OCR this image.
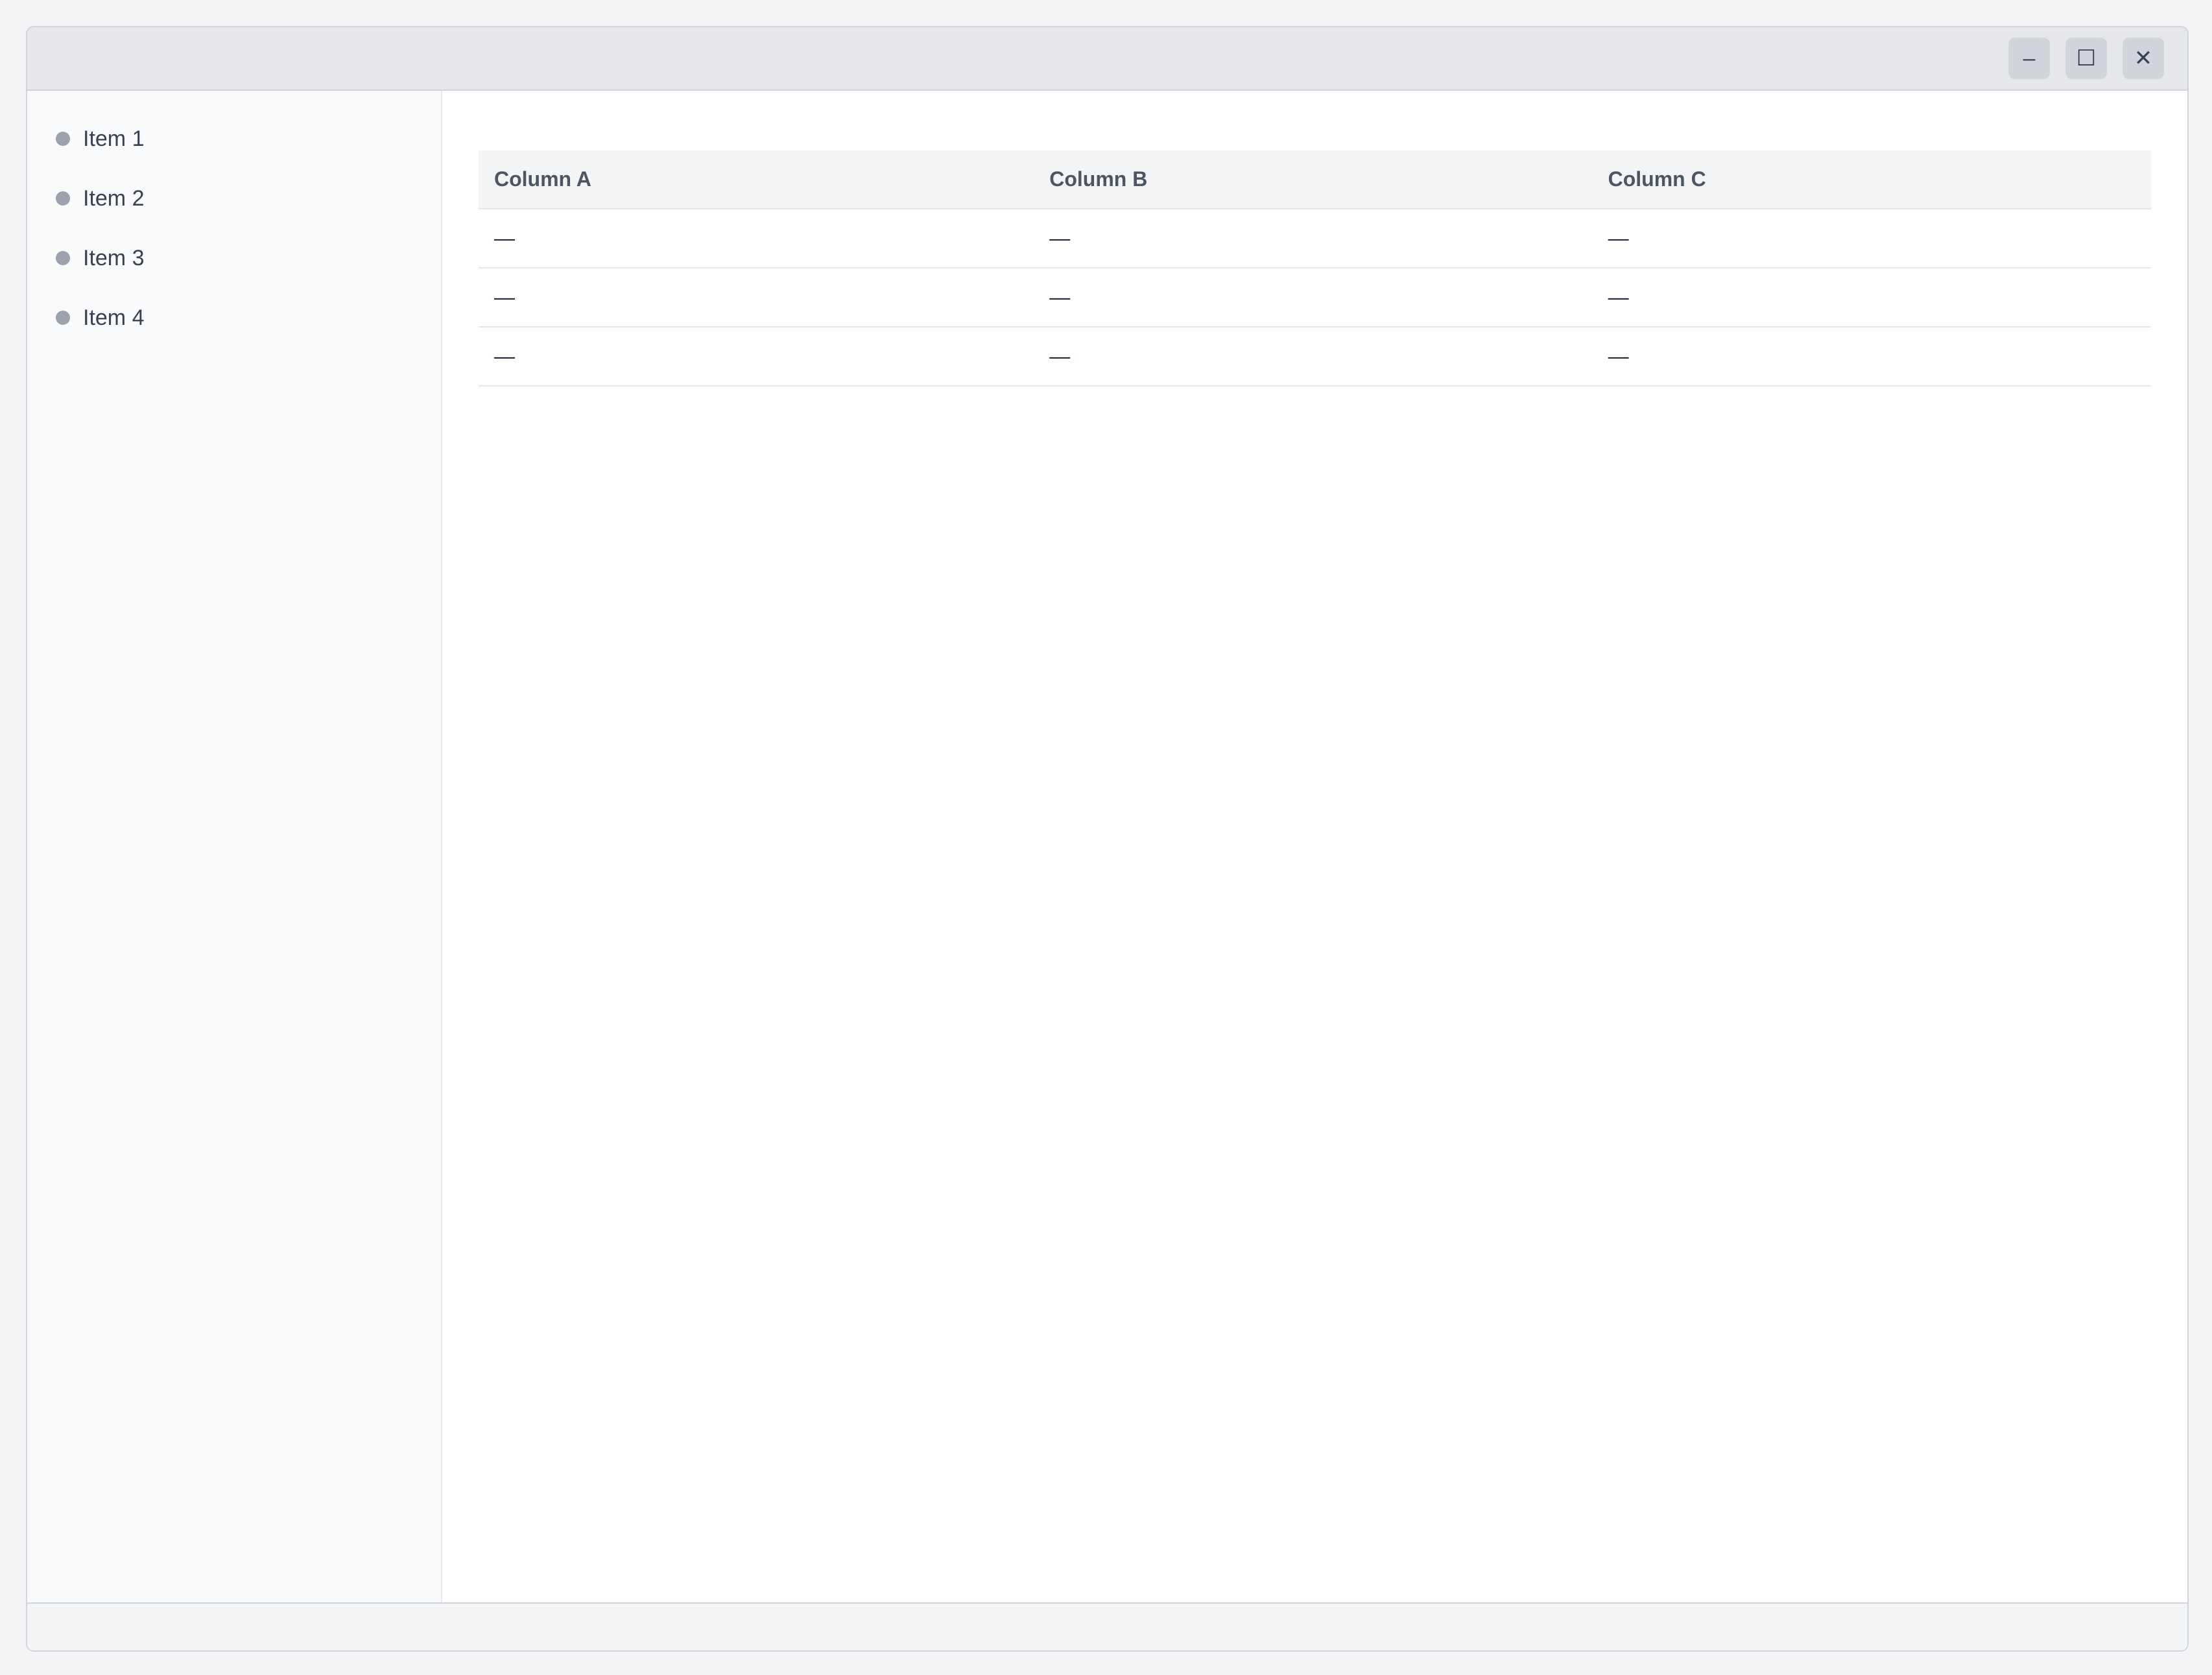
–	☐	✕
Item 1
Item 2
Item 3
Item 4
Column A	Column B	Column C
—	—	—
—	—	—
—	—	—
